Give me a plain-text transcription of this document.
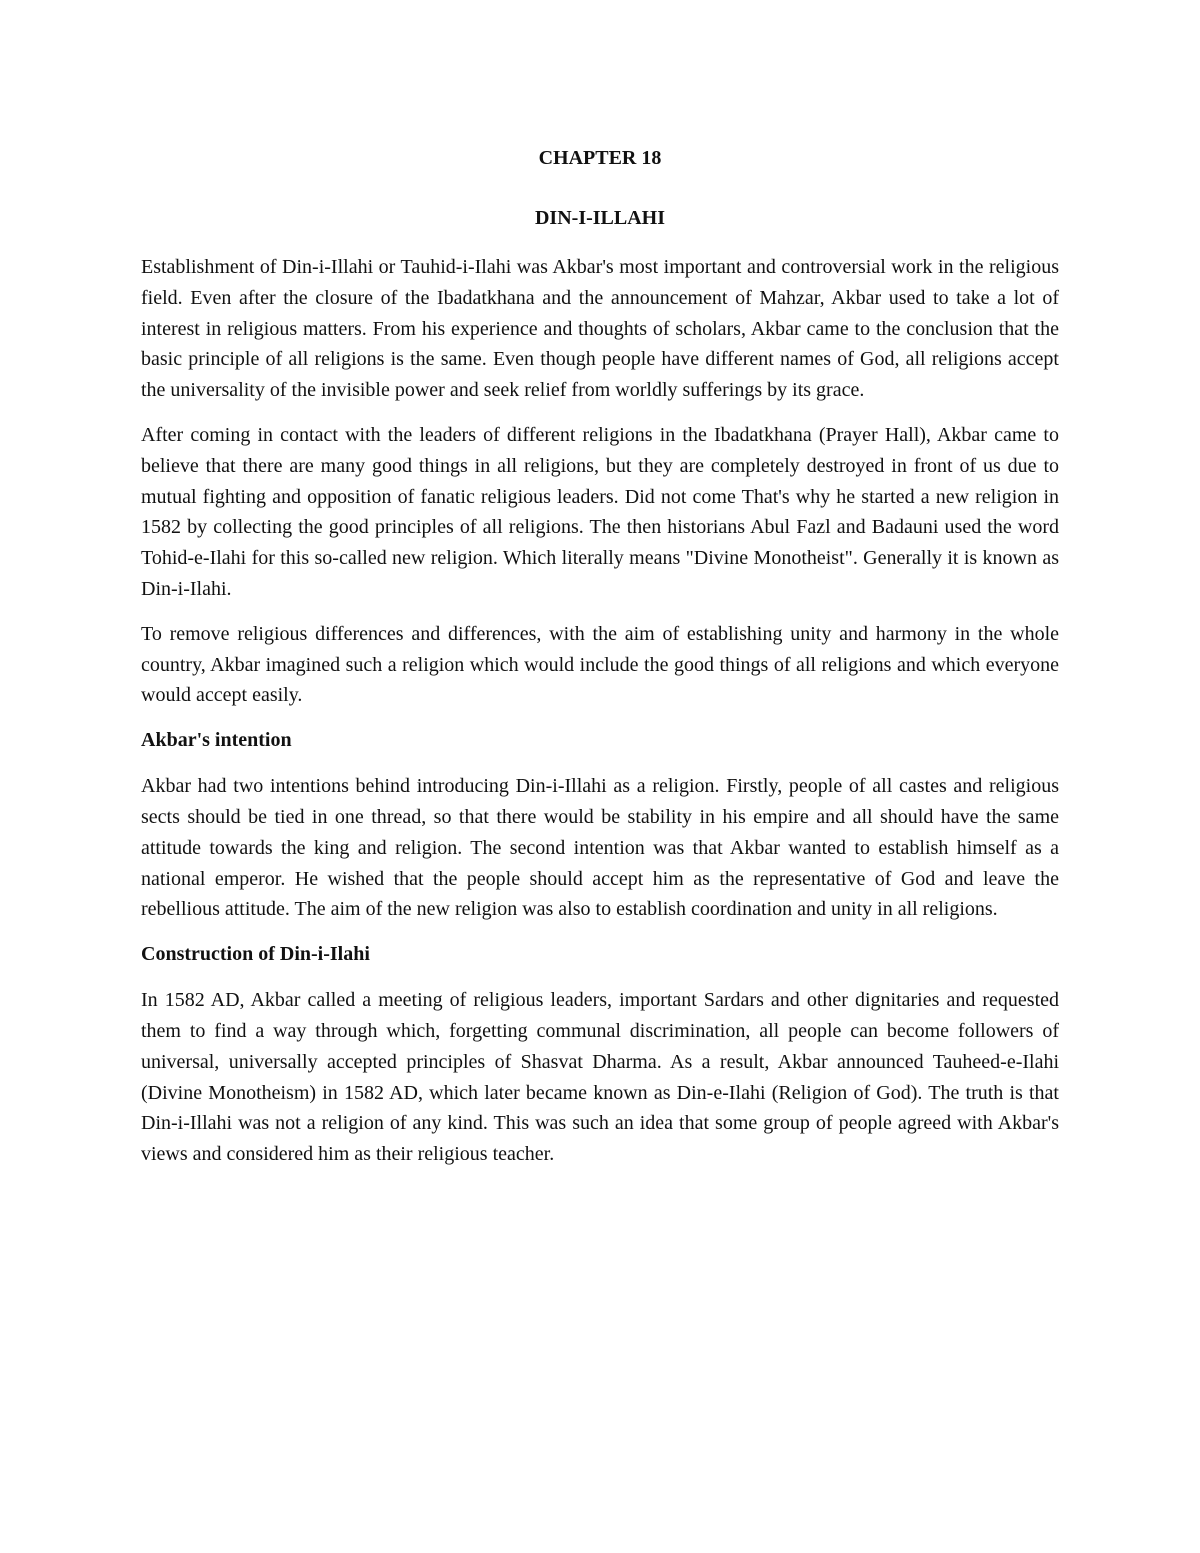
CHAPTER 18
DIN-I-ILLAHI

Establishment of Din-i-Illahi or Tauhid-i-Ilahi was Akbar's most important and controversial work in the religious field. Even after the closure of the Ibadatkhana and the announcement of Mahzar, Akbar used to take a lot of interest in religious matters. From his experience and thoughts of scholars, Akbar came to the conclusion that the basic principle of all religions is the same. Even though people have different names of God, all religions accept the universality of the invisible power and seek relief from worldly sufferings by its grace.

After coming in contact with the leaders of different religions in the Ibadatkhana (Prayer Hall), Akbar came to believe that there are many good things in all religions, but they are completely destroyed in front of us due to mutual fighting and opposition of fanatic religious leaders. Did not come That's why he started a new religion in 1582 by collecting the good principles of all religions. The then historians Abul Fazl and Badauni used the word Tohid-e-Ilahi for this so-called new religion. Which literally means "Divine Monotheist". Generally it is known as Din-i-Ilahi.

To remove religious differences and differences, with the aim of establishing unity and harmony in the whole country, Akbar imagined such a religion which would include the good things of all religions and which everyone would accept easily.

Akbar's intention

Akbar had two intentions behind introducing Din-i-Illahi as a religion. Firstly, people of all castes and religious sects should be tied in one thread, so that there would be stability in his empire and all should have the same attitude towards the king and religion. The second intention was that Akbar wanted to establish himself as a national emperor. He wished that the people should accept him as the representative of God and leave the rebellious attitude. The aim of the new religion was also to establish coordination and unity in all religions.

Construction of Din-i-Ilahi

In 1582 AD, Akbar called a meeting of religious leaders, important Sardars and other dignitaries and requested them to find a way through which, forgetting communal discrimination, all people can become followers of universal, universally accepted principles of Shasvat Dharma. As a result, Akbar announced Tauheed-e-Ilahi (Divine Monotheism) in 1582 AD, which later became known as Din-e-Ilahi (Religion of God). The truth is that Din-i-Illahi was not a religion of any kind. This was such an idea that some group of people agreed with Akbar's views and considered him as their religious teacher.
